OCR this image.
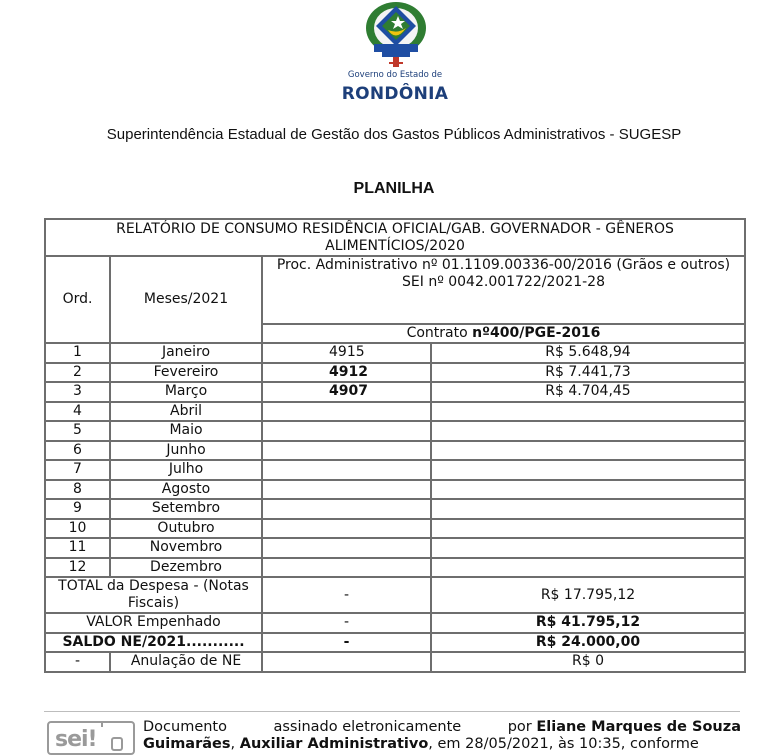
Governo do Estado de
RONDÔNIA
Superintendência Estadual de Gestão dos Gastos Públicos Administrativos - SUGESP
PLANILHA
RELATÓRIO DE CONSUMO RESIDÊNCIA OFICIAL/GAB. GOVERNADOR - GÊNEROS ALIMENTÍCIOS/2020			
Ord.	Meses/2021	Proc. Administrativo nº 01.1109.00336-00/2016 (Grãos e outros)
SEI nº 0042.001722/2021-28	

		Contrato nº400/PGE-2016	
1	Janeiro	4915	R$ 5.648,94
2	Fevereiro	4912	R$ 7.441,73
3	Março	4907	R$ 4.704,45
4	Abril		
5	Maio		
6	Junho		
7	Julho		
8	Agosto		
9	Setembro		
10	Outubro		
11	Novembro		
12	Dezembro		
TOTAL da Despesa - (Notas Fiscais)		-	R$ 17.795,12
VALOR Empenhado		-	R$ 41.795,12
SALDO NE/2021...........		-	R$ 24.000,00
-	Anulação de NE		R$ 0
sei!	Documento	assinado eletronicamente	por Eliane Marques de Souza
Guimarães, Auxiliar Administrativo, em 28/05/2021, às 10:35, conforme
